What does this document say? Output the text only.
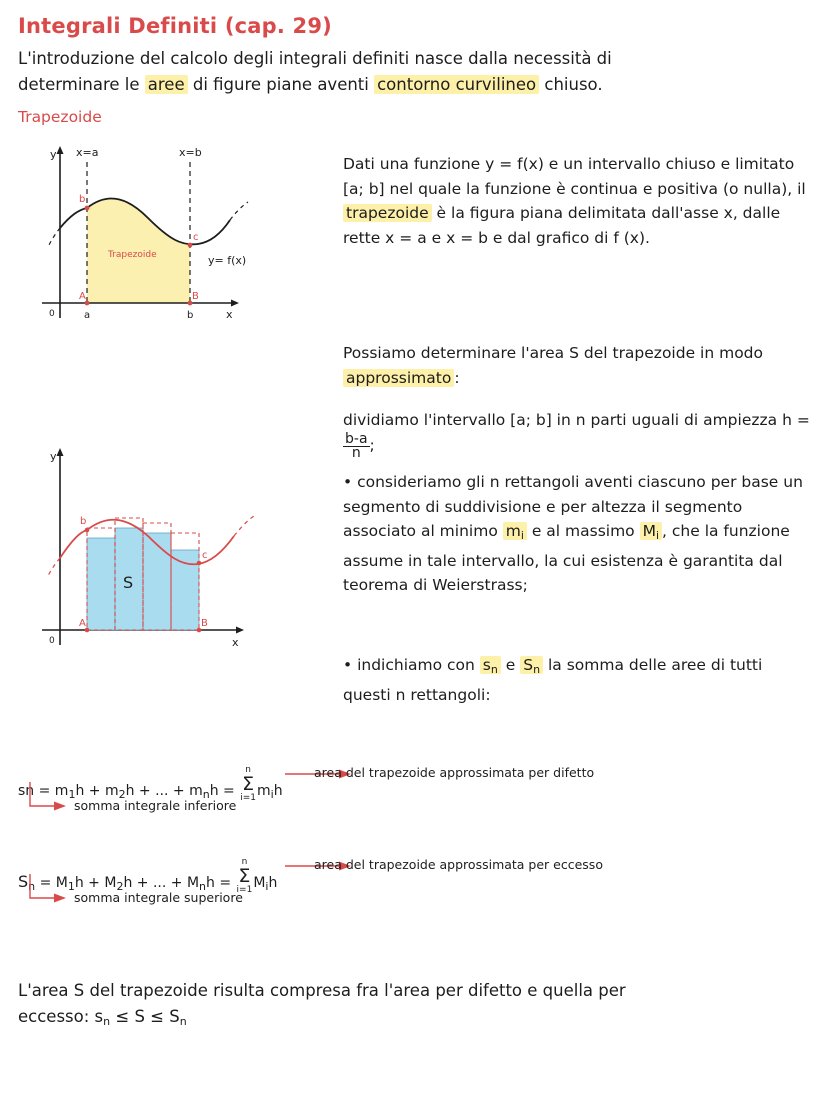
Integrali Definiti (cap. 29)
L'introduzione del calcolo degli integrali definiti nasce dalla necessità di
determinare le aree di figure piane aventi contorno curvilineo chiuso.
Trapezoide
y
x
0
x=a	x=b
b
c
A	B
a	b
Trapezoide	y= f(x)
y
x
0
b
c
A	B
S
Dati una funzione y = f(x) e un intervallo chiuso e limitato [a; b] nel quale la funzione è continua e positiva (o nulla), il trapezoide è la figura piana delimitata dall'asse x, dalle rette x = a e x = b e dal grafico di f (x).
Possiamo determinare l'area S del trapezoide in modo approssimato :
dividiamo l'intervallo [a; b] in n parti uguali di ampiezza h =
$\frac{b-a}{n}$ ;
• consideriamo gli n rettangoli aventi ciascuno per base un segmento di suddivisione e per altezza il segmento associato al minimo $m_i$ e al massimo $M_i$ , che la funzione assume in tale intervallo, la cui esistenza è garantita dal teorema di Weierstrass;
• indichiamo con $s_n$ e $S_n$ la somma delle aree di tutti questi n rettangoli:
sn = $m_1h + m_2h$ + ... + $m_nh$ =
n
Σ
i=1 $m_ih$
area del trapezoide approssimata per difetto
somma integrale inferiore
$S_n = M_1h + M_2h$ + ... + $M_nh$ =
n
Σ
i=1 $M_ih$
area del trapezoide approssimata per eccesso
somma integrale superiore
L'area S del trapezoide risulta compresa fra l'area per difetto e quella per
eccesso: $s_n \le S \le S_n$
